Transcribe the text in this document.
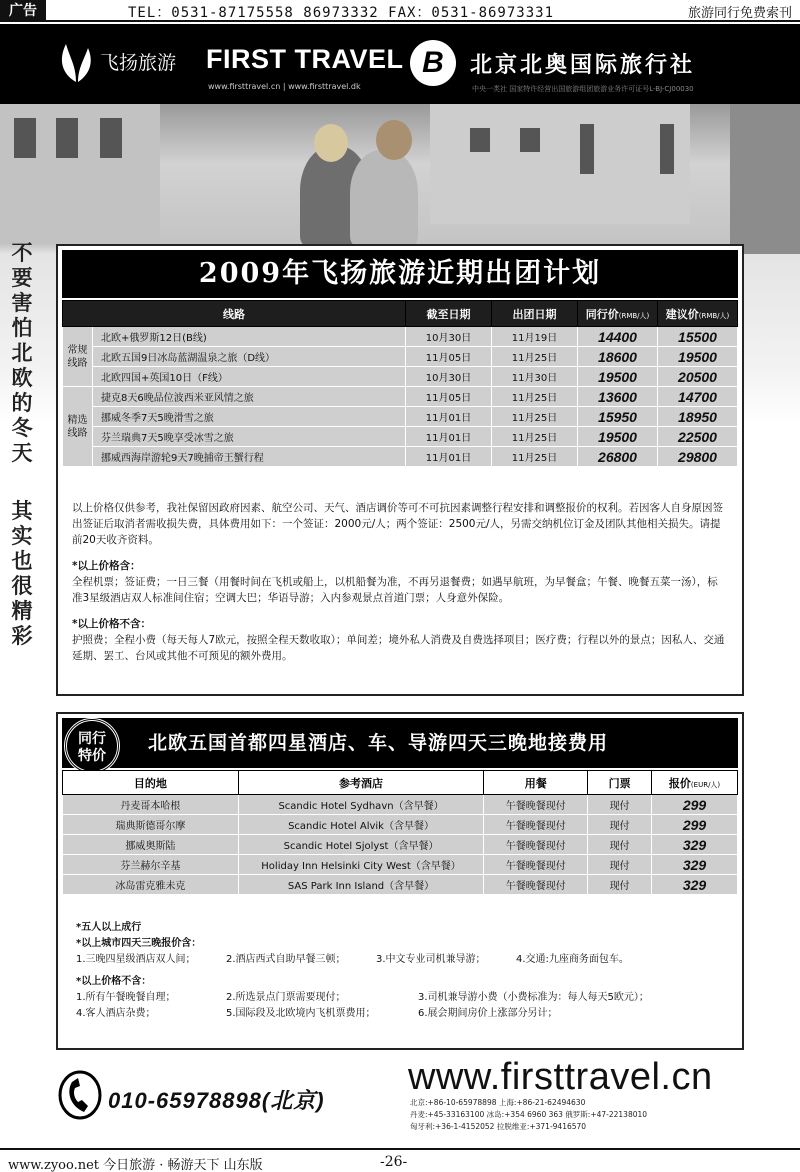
广告	TEL：0531-87175558 86973332 FAX：0531-86973331	旅游同行免费索刊
飞扬旅游 FIRST TRAVEL
www.firsttravel.cn | www.firsttravel.dk
B	北京北奥国际旅行社
中央一类社 国家特许经营出国旅游组团旅游业务许可证号L-BJ-CJ00030
不
要
害
怕
北
欧
的
冬
天
其
实
也
很
精
彩
2009年飞扬旅游近期出团计划
线路		截至日期	出团日期	同行价(RMB/人)	建议价(RMB/人)
常规线路	北欧+俄罗斯12日(B线)	10月30日	11月19日	14400	15500
	北欧五国9日冰岛蓝湖温泉之旅（D线）	11月05日	11月25日	18600	19500
	北欧四国+英国10日（F线）	10月30日	11月30日	19500	20500
精选线路	捷克8天6晚品位波西米亚风情之旅	11月05日	11月25日	13600	14700
	挪威冬季7天5晚滑雪之旅	11月01日	11月25日	15950	18950
	芬兰瑞典7天5晚享受冰雪之旅	11月01日	11月25日	19500	22500
	挪威西海岸游轮9天7晚捕帝王蟹行程	11月01日	11月25日	26800	29800

以上价格仅供参考，我社保留因政府因素、航空公司、天气、酒店调价等可不可抗因素调整行程安排和调整报价的权利。若因客人自身原因签出签证后取消者需收损失费，具体费用如下：一个签证：2000元/人；两个签证：2500元/人，另需交纳机位订金及团队其他相关损失。请提前20天收齐资料。

*以上价格含：

全程机票；签证费；一日三餐（用餐时间在飞机或船上，以机船餐为准，不再另退餐费；如遇早航班，为早餐盒；午餐、晚餐五菜一汤），标准3星级酒店双人标准间住宿；空调大巴；华语导游；入内参观景点首道门票；人身意外保险。

*以上价格不含：

护照费；全程小费（每天每人7欧元，按照全程天数收取）；单间差；境外私人消费及自费选择项目；医疗费；行程以外的景点；因私人、交通延期、罢工、台风或其他不可预见的额外费用。

北欧五国首都四星酒店、车、导游四天三晚地接费用
同行
特价
目的地	参考酒店	用餐	门票	报价(EUR/人)
丹麦哥本哈根	Scandic Hotel Sydhavn（含早餐）	午餐晚餐现付	现付	299
瑞典斯德哥尔摩	Scandic Hotel Alvik（含早餐）	午餐晚餐现付	现付	299
挪威奥斯陆	Scandic Hotel Sjolyst（含早餐）	午餐晚餐现付	现付	329
芬兰赫尔辛基	Holiday Inn Helsinki City West（含早餐）	午餐晚餐现付	现付	329
冰岛雷克雅未克	SAS Park Inn Island（含早餐）	午餐晚餐现付	现付	329
*五人以上成行
*以上城市四天三晚报价含：
1.三晚四星级酒店双人间；	2.酒店西式自助早餐三顿；	3.中文专业司机兼导游；	4.交通:九座商务面包车。
*以上价格不含：
1.所有午餐晚餐自理；	2.所选景点门票需要现付；	3.司机兼导游小费（小费标准为：每人每天5欧元）；
4.客人酒店杂费；	5.国际段及北欧境内飞机票费用；	6.展会期间房价上涨部分另计；
010-65978898(北京)
www.firsttravel.cn
北京:+86-10-65978898 上海:+86-21-62494630
丹麦:+45-33163100 冰岛:+354 6960 363 俄罗斯:+47-22138010
匈牙利:+36-1-4152052 拉脱维亚:+371-9416570
www.zyoo.net 今日旅游 · 畅游天下 山东版	-26-
